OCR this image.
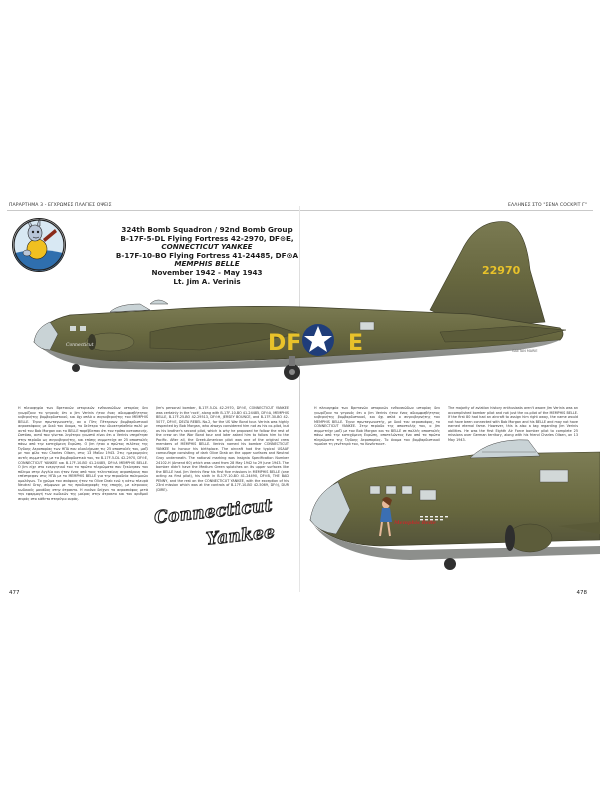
ΠΑΡΑΡΤΗΜΑ 3 - ΕΓΧΡΩΜΕΣ ΠΛΑΓΙΕΣ ΟΨΕΙΣ	ΕΛΛΗΝΕΣ ΣΤΟ "ΣΕΝΑ COCKPIT Γ"
324th Bomb Squadron / 92nd Bomb Group
B-17F-5-DL Flying Fortress 42-2970, DF⊙E,
CONNECTICUT YANKEE
B-17F-10-BO Flying Fortress 41-24485, DF⊙A
MEMPHIS BELLE
November 1942 - May 1943
Lt. Jim A. Verinis
Connecticut	DF E
22970
GAETAN MARIE
Η πλειοψηφία των Βρετανών ιστορικών ενθουσιώδων ιστορίας δεν γνωρίζουν το γεγονός ότι ο Jim Verinis ήταν ένας αδιαμφισβήτητος κυβερνήτης βομβαρδιστικού, και όχι απλά ο συγκυβερνήτης του MEMPHIS BELLE. Έγινε πρωταγωνιστής, αν ο Πίτς Πέτερσων βομβαρδιστικού αεροσκάφους με δικό του όνομα, το δεύτερο του ιδιοκτησίαθεία πολύ με αυτό του Bob Morgan και το BELLE παρέβλεπαν ότι τον τρόπο κατασκευής. Ωστόσο, αυτό που γίνεται λιγότερο γνωστό είναι ότι ο Verinis υπηρέτησε στην περίοδο ως συγκυβερνήτης, και επίσης συμμετείχε σε 25 αποστολές πάνω από την κατεχόμενη Ευρώπη. Ο Jim ήταν ο πρώτος πιλότος της Όγδοης Αεροπορίας των ΗΠΑ που ολοκλήρωσε τις 25 αποστολές του, μαζί με τον φίλο του Charles Ollsen, στις 13 Μαΐου 1943. Στις ημερομηνίες αυτές συμμετείχε με τα βομβαρδιστικά του, τα B-17F-5-DL 42-2970, DF⊙E, CONNECTICUT YANKEE και B-17F-10-BO 41-24485, DF⊙A MEMPHIS BELLE. Ο Jim είχε στο ενεργητικό του τα πρώτα πληρώματα που ξεκίνησαν τον πόλεμο στην Αγγλία και ήταν ένας από τους τελευταίους αεροπόρους που επέστρεψαν στις ΗΠΑ με το MEMPHIS BELLE για την περιοδεία πολεμικών ομολόγων. Το χρώμα του σκάφους ήταν το Olive Drab ενώ η κάτω πλευρά Neutral Gray, σύμφωνα με τις προδιαγραφές της εποχής, με κίτρινους κωδικούς μονάδας στην άτρακτο. Η εικόνα δείχνει το αεροσκάφος μετά την εφαρμογή των κωδικών της μοίρας στην άτρακτο και του αριθμού σειράς στο κάθετο πτερύγιο ουράς.
Jim's personal bomber, B-17F-5-DL 42-2970, DF⊙E, CONNECTICUT YANKEE was certainly in the 'rock', along with B-17F-10-BO 41-24485, DF⊙A, MEMPHIS BELLE, B-17F-25-BO 42-29513, DF⊙H, JERSEY BOUNCE, and B-17F-30-BO 42-5077, DF⊙E, DELTA REBEL No.2, for the US War Bond tour. Verinis was highly respected by Bob Morgan, who always considered him not as his co-pilot, but as his brother's second pilot, which is why he proposed he follow the rest of the crew on the War Bond tour and later asked him to follow him to the Pacific. After all, the Greek-American pilot was one of the original crew members of MEMPHIS BELLE. Verinis named his bomber CONNECTICUT YANKEE to honour his birthplace. The aircraft had the typical USAAF camouflage consisting of dark Olive Drab on the upper surfaces and Neutral Gray underneath. The national marking was Insignia Specification Number 24102-H (Amend 60) which was used from 28 May 1942 to 29 June 1943. The bomber didn't have the Medium Green splotches on its upper surfaces like the BELLE had. Jim Verinis flew his first five missions in MEMPHIS BELLE (one acting as first pilot), his sixth in B-17F-10-BO 41-24490, DF⊙B, THE BAD PENNY, and the rest on the CONNECTICUT YANKEE, with the exception of his 23rd mission which was at the controls of B-17F-10-BO 42-5069, DF⊙J, DUR (DIRE).
Η πλειοψηφία των Βρετανών ιστορικών ενθουσιώδων ιστορίας δεν γνωρίζουν το γεγονός ότι ο Jim Verinis ήταν ένας αδιαμφισβήτητος κυβερνήτης βομβαρδιστικού, και όχι απλά ο συγκυβερνήτης του MEMPHIS BELLE. Έγινε πρωταγωνιστής, με δικό του αεροσκάφος, το CONNECTICUT YANKEE. Στην περίοδο της αποστολής του, ο Jim συμμετείχε μαζί με τον Bob Morgan και το BELLE σε πολλές αποστολές πάνω από την κατεχόμενη Ευρώπη, αποτελώντας ένα από τα πρώτα πληρώματα της Όγδοης Αεροπορίας. Το όνομα του βομβαρδιστικού τιμούσε τη γενέτειρά του, το Κονέκτικατ.
The majority of aviation history enthusiasts aren't aware Jim Verinis was an accomplished bomber pilot and not just the co-pilot of the MEMPHIS BELLE. If the first 80 had had an aircraft to assign him right away, the name would not have been connected with Bob Morgan and his BELLE and may not have earned eternal fame. However, this is also a tag regarding Jim Verinis abilities. He was the first Eighth Air Force bomber pilot to complete 25 missions over German territory, along with his friend Charles Ollsen, on 13 May 1943.
Connecticut
Yankee	Memphis Belle
477	478
